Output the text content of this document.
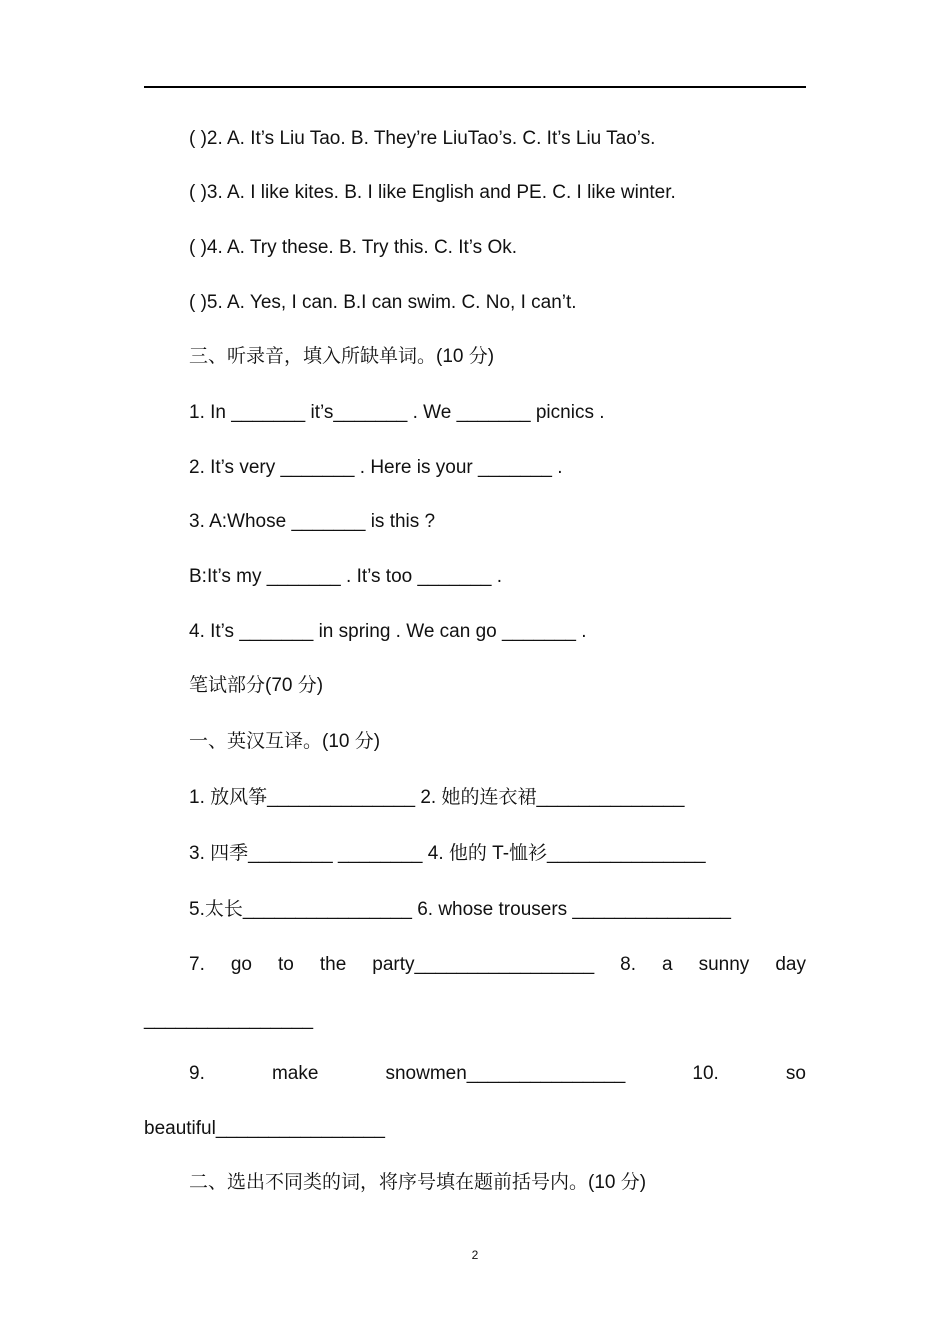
( )2. A. It’s Liu Tao. B. They’re LiuTao’s. C. It’s Liu Tao’s.
( )3. A. I like kites. B. I like English and PE. C. I like winter.
( )4. A. Try these. B. Try this. C. It’s Ok.
( )5. A. Yes, I can. B.I can swim. C. No, I can’t.
三、听录音，填入所缺单词。(10 分)
1. In _______ it’s_______ . We _______ picnics .
2. It’s very _______ . Here is your _______ .
3. A:Whose _______ is this ?
B:It’s my _______ . It’s too _______ .
4. It’s _______ in spring . We can go _______ .
笔试部分(70 分)
一、英汉互译。(10 分)
1. 放风筝______________ 2. 她的连衣裙______________
3. 四季________ ________ 4. 他的 T-恤衫_______________
5.太长________________ 6. whose trousers _______________
7. go to the party_________________ 8. a sunny day
________________
9.	make	snowmen_______________	10.	so
beautiful________________
二、选出不同类的词，将序号填在题前括号内。(10 分)
2
